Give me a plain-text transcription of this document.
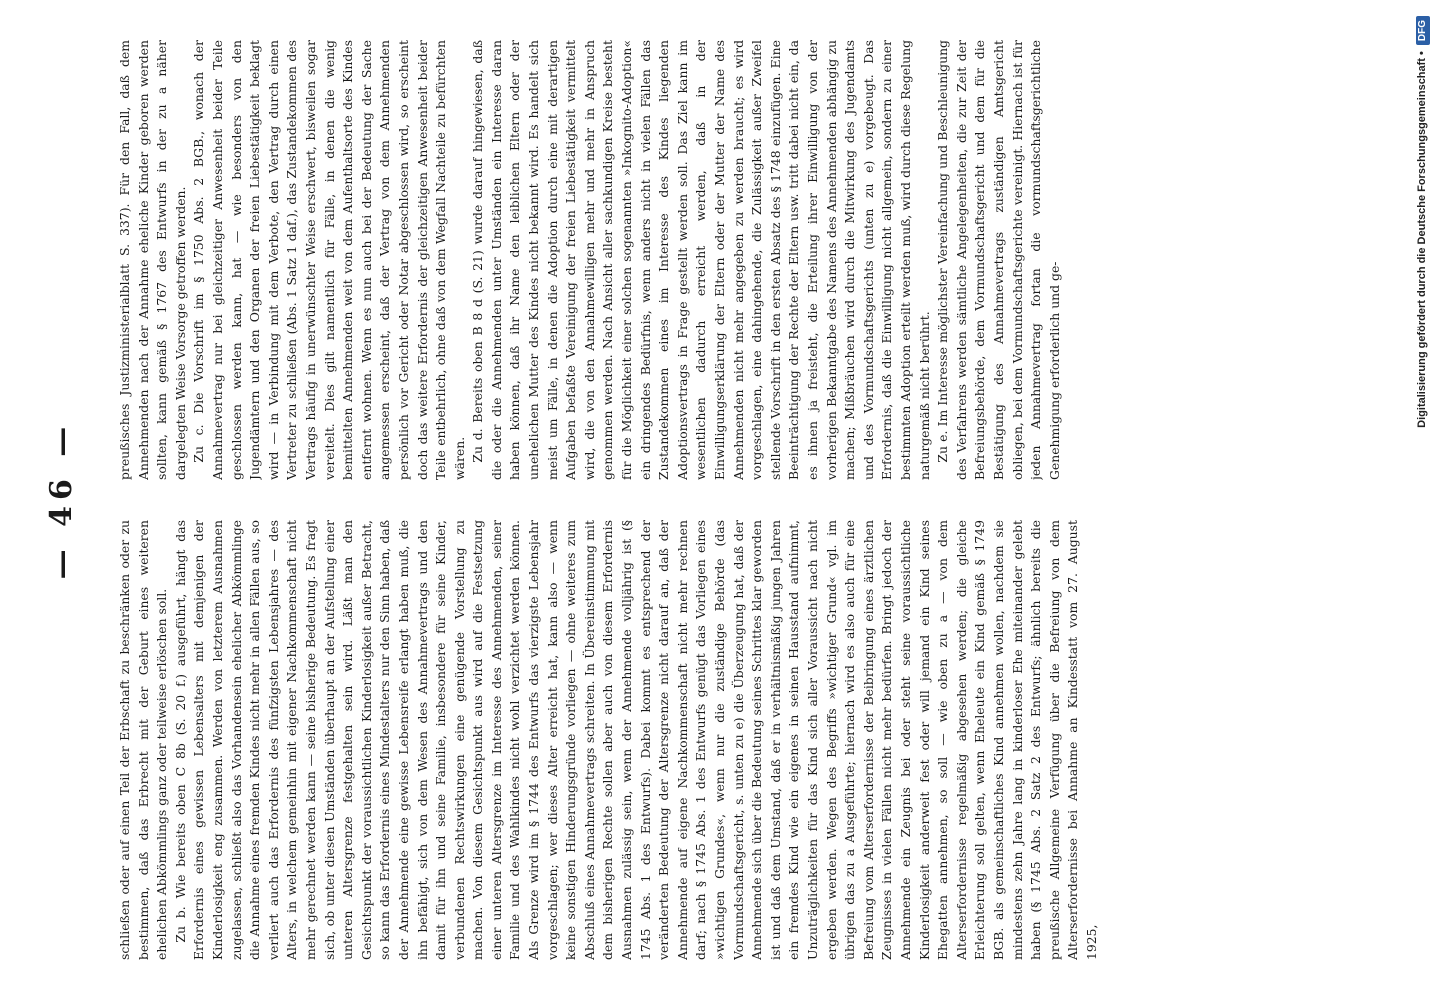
— 46 —

schließen oder auf einen Teil der Erbschaft zu beschränken oder zu bestimmen, daß das Erbrecht mit der Geburt eines weiteren ehelichen Abkömmlings ganz oder teilweise erlöschen soll. Zu b. Wie bereits oben C 8b (S. 20 f.) ausgeführt, hängt das Erfordernis eines gewissen Lebensalters mit demjenigen der Kinderlosigkeit eng zusammen. Werden von letzterem Ausnahmen zugelassen, schließt also das Vorhandensein ehelicher Abkömmlinge die Annahme eines fremden Kindes nicht mehr in allen Fällen aus, so verliert auch das Erfordernis des fünfzigsten Lebensjahres — des Alters, in welchem gemeinhin mit eigener Nachkommenschaft nicht mehr gerechnet werden kann — seine bisherige Bedeutung. Es fragt sich, ob unter diesen Umständen überhaupt an der Aufstellung einer unteren Altersgrenze festgehalten sein wird. Läßt man den Gesichtspunkt der voraussichtlichen Kinderlosigkeit außer Betracht, so kann das Erfordernis eines Mindestalters nur den Sinn haben, daß der Annehmende eine gewisse Lebensreife erlangt haben muß, die ihn befähigt, sich von dem Wesen des Annahmevertrags und den damit für ihn und seine Familie, insbesondere für seine Kinder, verbundenen Rechtswirkungen eine genügende Vorstellung zu machen. Von diesem Gesichtspunkt aus wird auf die Festsetzung einer unteren Altersgrenze im Interesse des Annehmenden, seiner Familie und des Wahlkindes nicht wohl verzichtet werden können. Als Grenze wird im § 1744 des Entwurfs das vierzigste Lebensjahr vorgeschlagen; wer dieses Alter erreicht hat, kann also — wenn keine sonstigen Hinderungsgründe vorliegen — ohne weiteres zum Abschluß eines Annahmevertrags schreiten. In Übereinstimmung mit dem bisherigen Rechte sollen aber auch von diesem Erfordernis Ausnahmen zulässig sein, wenn der Annehmende volljährig ist (§ 1745 Abs. 1 des Entwurfs). Dabei kommt es entsprechend der veränderten Bedeutung der Altersgrenze nicht darauf an, daß der Annehmende auf eigene Nachkommenschaft nicht mehr rechnen darf; nach § 1745 Abs. 1 des Entwurfs genügt das Vorliegen eines »wichtigen Grundes«, wenn nur die zuständige Behörde (das Vormundschaftsgericht, s. unten zu e) die Überzeugung hat, daß der Annehmende sich über die Bedeutung seines Schrittes klar geworden ist und daß dem Umstand, daß er in verhältnismäßig jungen Jahren ein fremdes Kind wie ein eigenes in seinen Hausstand aufnimmt, Unzuträglichkeiten für das Kind sich aller Voraussicht nach nicht ergeben werden. Wegen des Begriffs »wichtiger Grund« vgl. im übrigen das zu a Ausgeführte; hiernach wird es also auch für eine Befreiung vom Alterserfordernisse der Beibringung eines ärztlichen Zeugnisses in vielen Fällen nicht mehr bedürfen. Bringt jedoch der Annehmende ein Zeugnis bei oder steht seine voraussichtliche Kinderlosigkeit anderweit fest oder will jemand ein Kind seines Ehegatten annehmen, so soll — wie oben zu a — von dem Alterserfordernisse regelmäßig abgesehen werden; die gleiche Erleichterung soll gelten, wenn Eheleute ein Kind gemäß § 1749 BGB. als gemeinschaftliches Kind annehmen wollen, nachdem sie mindestens zehn Jahre lang in kinderloser Ehe miteinander gelebt haben (§ 1745 Abs. 2 Satz 2 des Entwurfs; ähnlich bereits die preußische Allgemeine Verfügung über die Befreiung von dem Alterserfordernisse bei Annahme an Kindesstatt vom 27. August 1925,

preußisches Justizministerialblatt S. 337). Für den Fall, daß dem Annehmenden nach der Annahme eheliche Kinder geboren werden sollten, kann gemäß § 1767 des Entwurfs in der zu a näher dargelegten Weise Vorsorge getroffen werden. Zu c. Die Vorschrift im § 1750 Abs. 2 BGB., wonach der Annahmevertrag nur bei gleichzeitiger Anwesenheit beider Teile geschlossen werden kann, hat — wie besonders von den Jugendämtern und den Organen der freien Liebestätigkeit beklagt wird — in Verbindung mit dem Verbote, den Vertrag durch einen Vertreter zu schließen (Abs. 1 Satz 1 daf.), das Zustandekommen des Vertrags häufig in unerwünschter Weise erschwert, bisweilen sogar vereitelt. Dies gilt namentlich für Fälle, in denen die wenig bemittelten Annehmenden weit von dem Aufenthaltsorte des Kindes entfernt wohnen. Wenn es nun auch bei der Bedeutung der Sache angemessen erscheint, daß der Vertrag von dem Annehmenden persönlich vor Gericht oder Notar abgeschlossen wird, so erscheint doch das weitere Erfordernis der gleichzeitigen Anwesenheit beider Teile entbehrlich, ohne daß von dem Wegfall Nachteile zu befürchten wären. Zu d. Bereits oben B 8 d (S. 21) wurde darauf hingewiesen, daß die oder die Annehmenden unter Umständen ein Interesse daran haben können, daß ihr Name den leiblichen Eltern oder der unehelichen Mutter des Kindes nicht bekannt wird. Es handelt sich meist um Fälle, in denen die Adoption durch eine mit derartigen Aufgaben befaßte Vereinigung der freien Liebestätigkeit vermittelt wird, die von den Annahmewilligen mehr und mehr in Anspruch genommen werden. Nach Ansicht aller sachkundigen Kreise besteht für die Möglichkeit einer solchen sogenannten »Inkognito-Adoption« ein dringendes Bedürfnis, wenn anders nicht in vielen Fällen das Zustandekommen eines im Interesse des Kindes liegenden Adoptionsvertrags in Frage gestellt werden soll. Das Ziel kann im wesentlichen dadurch erreicht werden, daß in der Einwilligungserklärung der Eltern oder der Mutter der Name des Annehmenden nicht mehr angegeben zu werden braucht; es wird vorgeschlagen, eine dahingehende, die Zulässigkeit außer Zweifel stellende Vorschrift in den ersten Absatz des § 1748 einzufügen. Eine Beeinträchtigung der Rechte der Eltern usw. tritt dabei nicht ein, da es ihnen ja freisteht, die Erteilung ihrer Einwilligung von der vorherigen Bekanntgabe des Namens des Annehmenden abhängig zu machen; Mißbräuchen wird durch die Mitwirkung des Jugendamts und des Vormundschaftsgerichts (unten zu e) vorgebeugt. Das Erfordernis, daß die Einwilligung nicht allgemein, sondern zu einer bestimmten Adoption erteilt werden muß, wird durch diese Regelung naturgemäß nicht berührt. Zu e. Im Interesse möglichster Vereinfachung und Beschleunigung des Verfahrens werden sämtliche Angelegenheiten, die zur Zeit der Befreiungsbehörde, dem Vormundschaftsgericht und dem für die Bestätigung des Annahmevertrags zuständigen Amtsgericht obliegen, bei dem Vormundschaftsgerichte vereinigt. Hiernach ist für jeden Annahmevertrag fortan die vormundschaftsgerichtliche Genehmigung erforderlich und ge-	Digitalisierung gefördert durch die Deutsche Forschungsgemeinschaft •DFG
